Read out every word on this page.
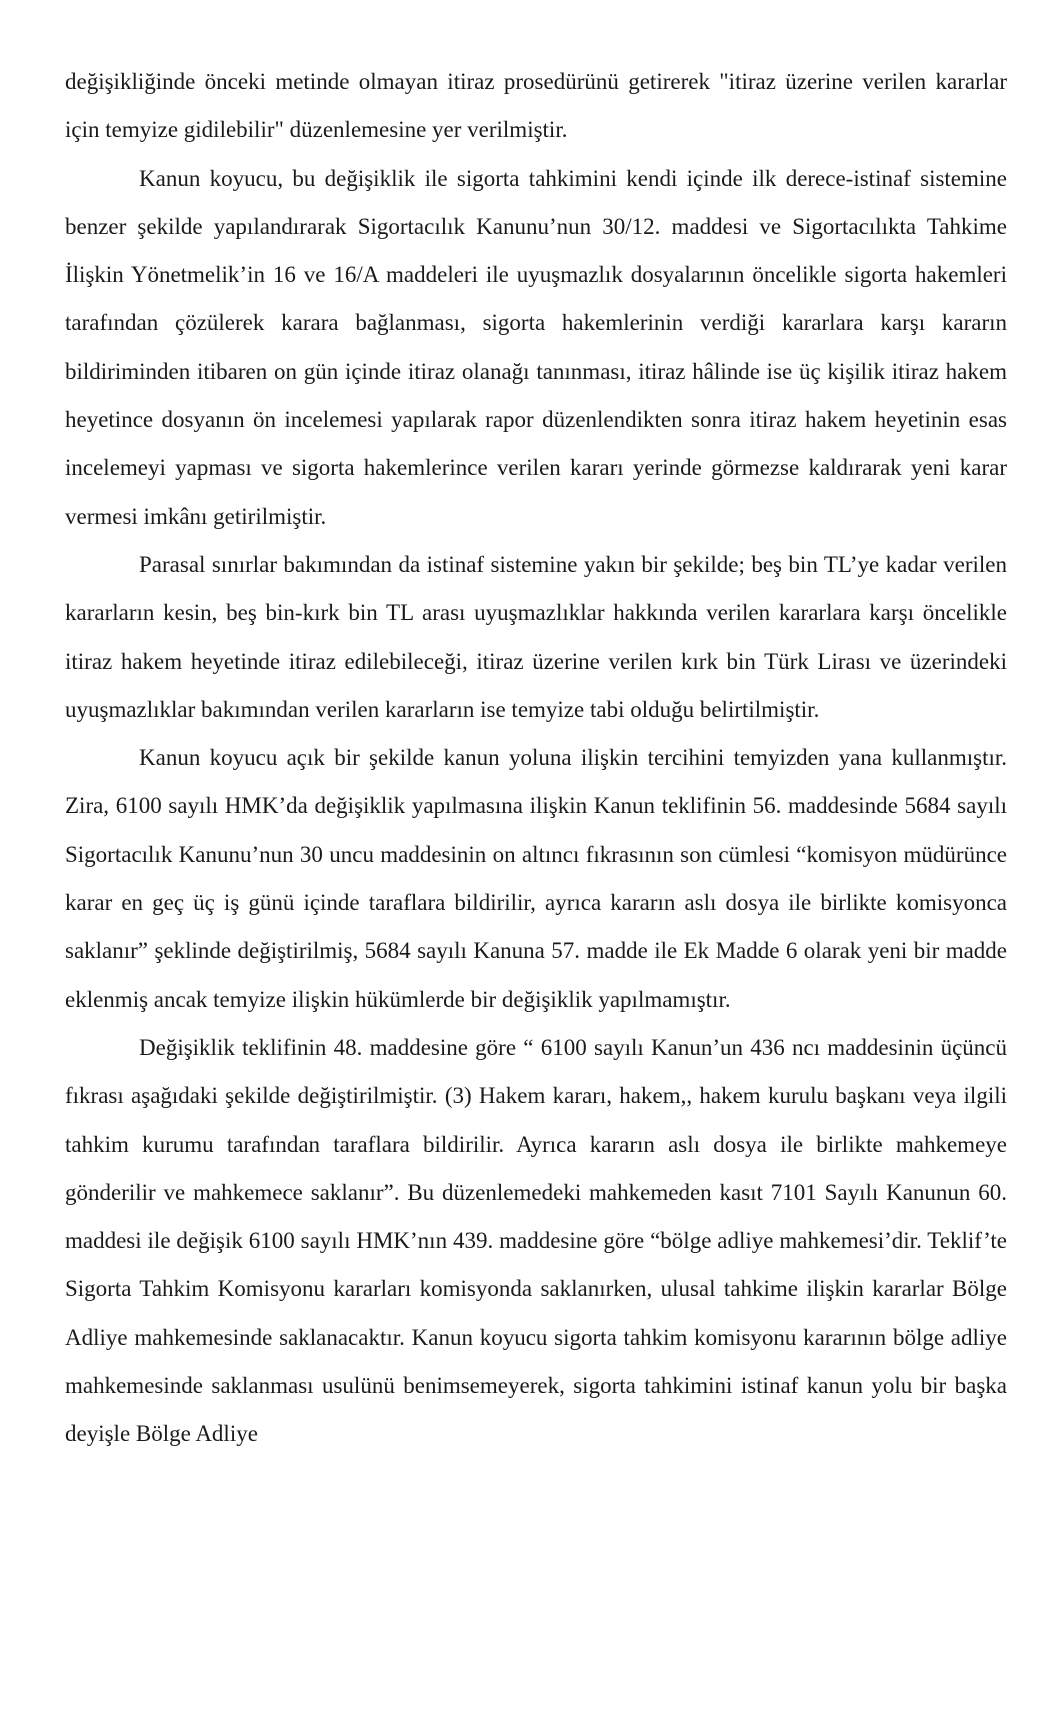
değişikliğinde önceki metinde olmayan itiraz prosedürünü getirerek "itiraz üzerine verilen kararlar için temyize gidilebilir" düzenlemesine yer verilmiştir.

Kanun koyucu, bu değişiklik ile sigorta tahkimini kendi içinde ilk derece-istinaf sistemine benzer şekilde yapılandırarak Sigortacılık Kanunu’nun 30/12. maddesi ve Sigortacılıkta Tahkime İlişkin Yönetmelik’in 16 ve 16/A maddeleri ile uyuşmazlık dosyalarının öncelikle sigorta hakemleri tarafından çözülerek karara bağlanması, sigorta hakemlerinin verdiği kararlara karşı kararın bildiriminden itibaren on gün içinde itiraz olanağı tanınması, itiraz hâlinde ise üç kişilik itiraz hakem heyetince dosyanın ön incelemesi yapılarak rapor düzenlendikten sonra itiraz hakem heyetinin esas incelemeyi yapması ve sigorta hakemlerince verilen kararı yerinde görmezse kaldırarak yeni karar vermesi imkânı getirilmiştir.

Parasal sınırlar bakımından da istinaf sistemine yakın bir şekilde; beş bin TL’ye kadar verilen kararların kesin, beş bin-kırk bin TL arası uyuşmazlıklar hakkında verilen kararlara karşı öncelikle itiraz hakem heyetinde itiraz edilebileceği, itiraz üzerine verilen kırk bin Türk Lirası ve üzerindeki uyuşmazlıklar bakımından verilen kararların ise temyize tabi olduğu belirtilmiştir.

Kanun koyucu açık bir şekilde kanun yoluna ilişkin tercihini temyizden yana kullanmıştır. Zira, 6100 sayılı HMK’da değişiklik yapılmasına ilişkin Kanun teklifinin 56. maddesinde 5684 sayılı Sigortacılık Kanunu’nun 30 uncu maddesinin on altıncı fıkrasının son cümlesi “komisyon müdürünce karar en geç üç iş günü içinde taraflara bildirilir, ayrıca kararın aslı dosya ile birlikte komisyonca saklanır” şeklinde değiştirilmiş, 5684 sayılı Kanuna 57. madde ile Ek Madde 6 olarak yeni bir madde eklenmiş ancak temyize ilişkin hükümlerde bir değişiklik yapılmamıştır.

Değişiklik teklifinin 48. maddesine göre “ 6100 sayılı Kanun’un 436 ncı maddesinin üçüncü fıkrası aşağıdaki şekilde değiştirilmiştir. (3) Hakem kararı, hakem,, hakem kurulu başkanı veya ilgili tahkim kurumu tarafından taraflara bildirilir. Ayrıca kararın aslı dosya ile birlikte mahkemeye gönderilir ve mahkemece saklanır”. Bu düzenlemedeki mahkemeden kasıt 7101 Sayılı Kanunun 60. maddesi ile değişik 6100 sayılı HMK’nın 439. maddesine göre “bölge adliye mahkemesi’dir. Teklif’te Sigorta Tahkim Komisyonu kararları komisyonda saklanırken, ulusal tahkime ilişkin kararlar Bölge Adliye mahkemesinde saklanacaktır. Kanun koyucu sigorta tahkim komisyonu kararının bölge adliye mahkemesinde saklanması usulünü benimsemeyerek, sigorta tahkimini istinaf kanun yolu bir başka deyişle Bölge Adliye
